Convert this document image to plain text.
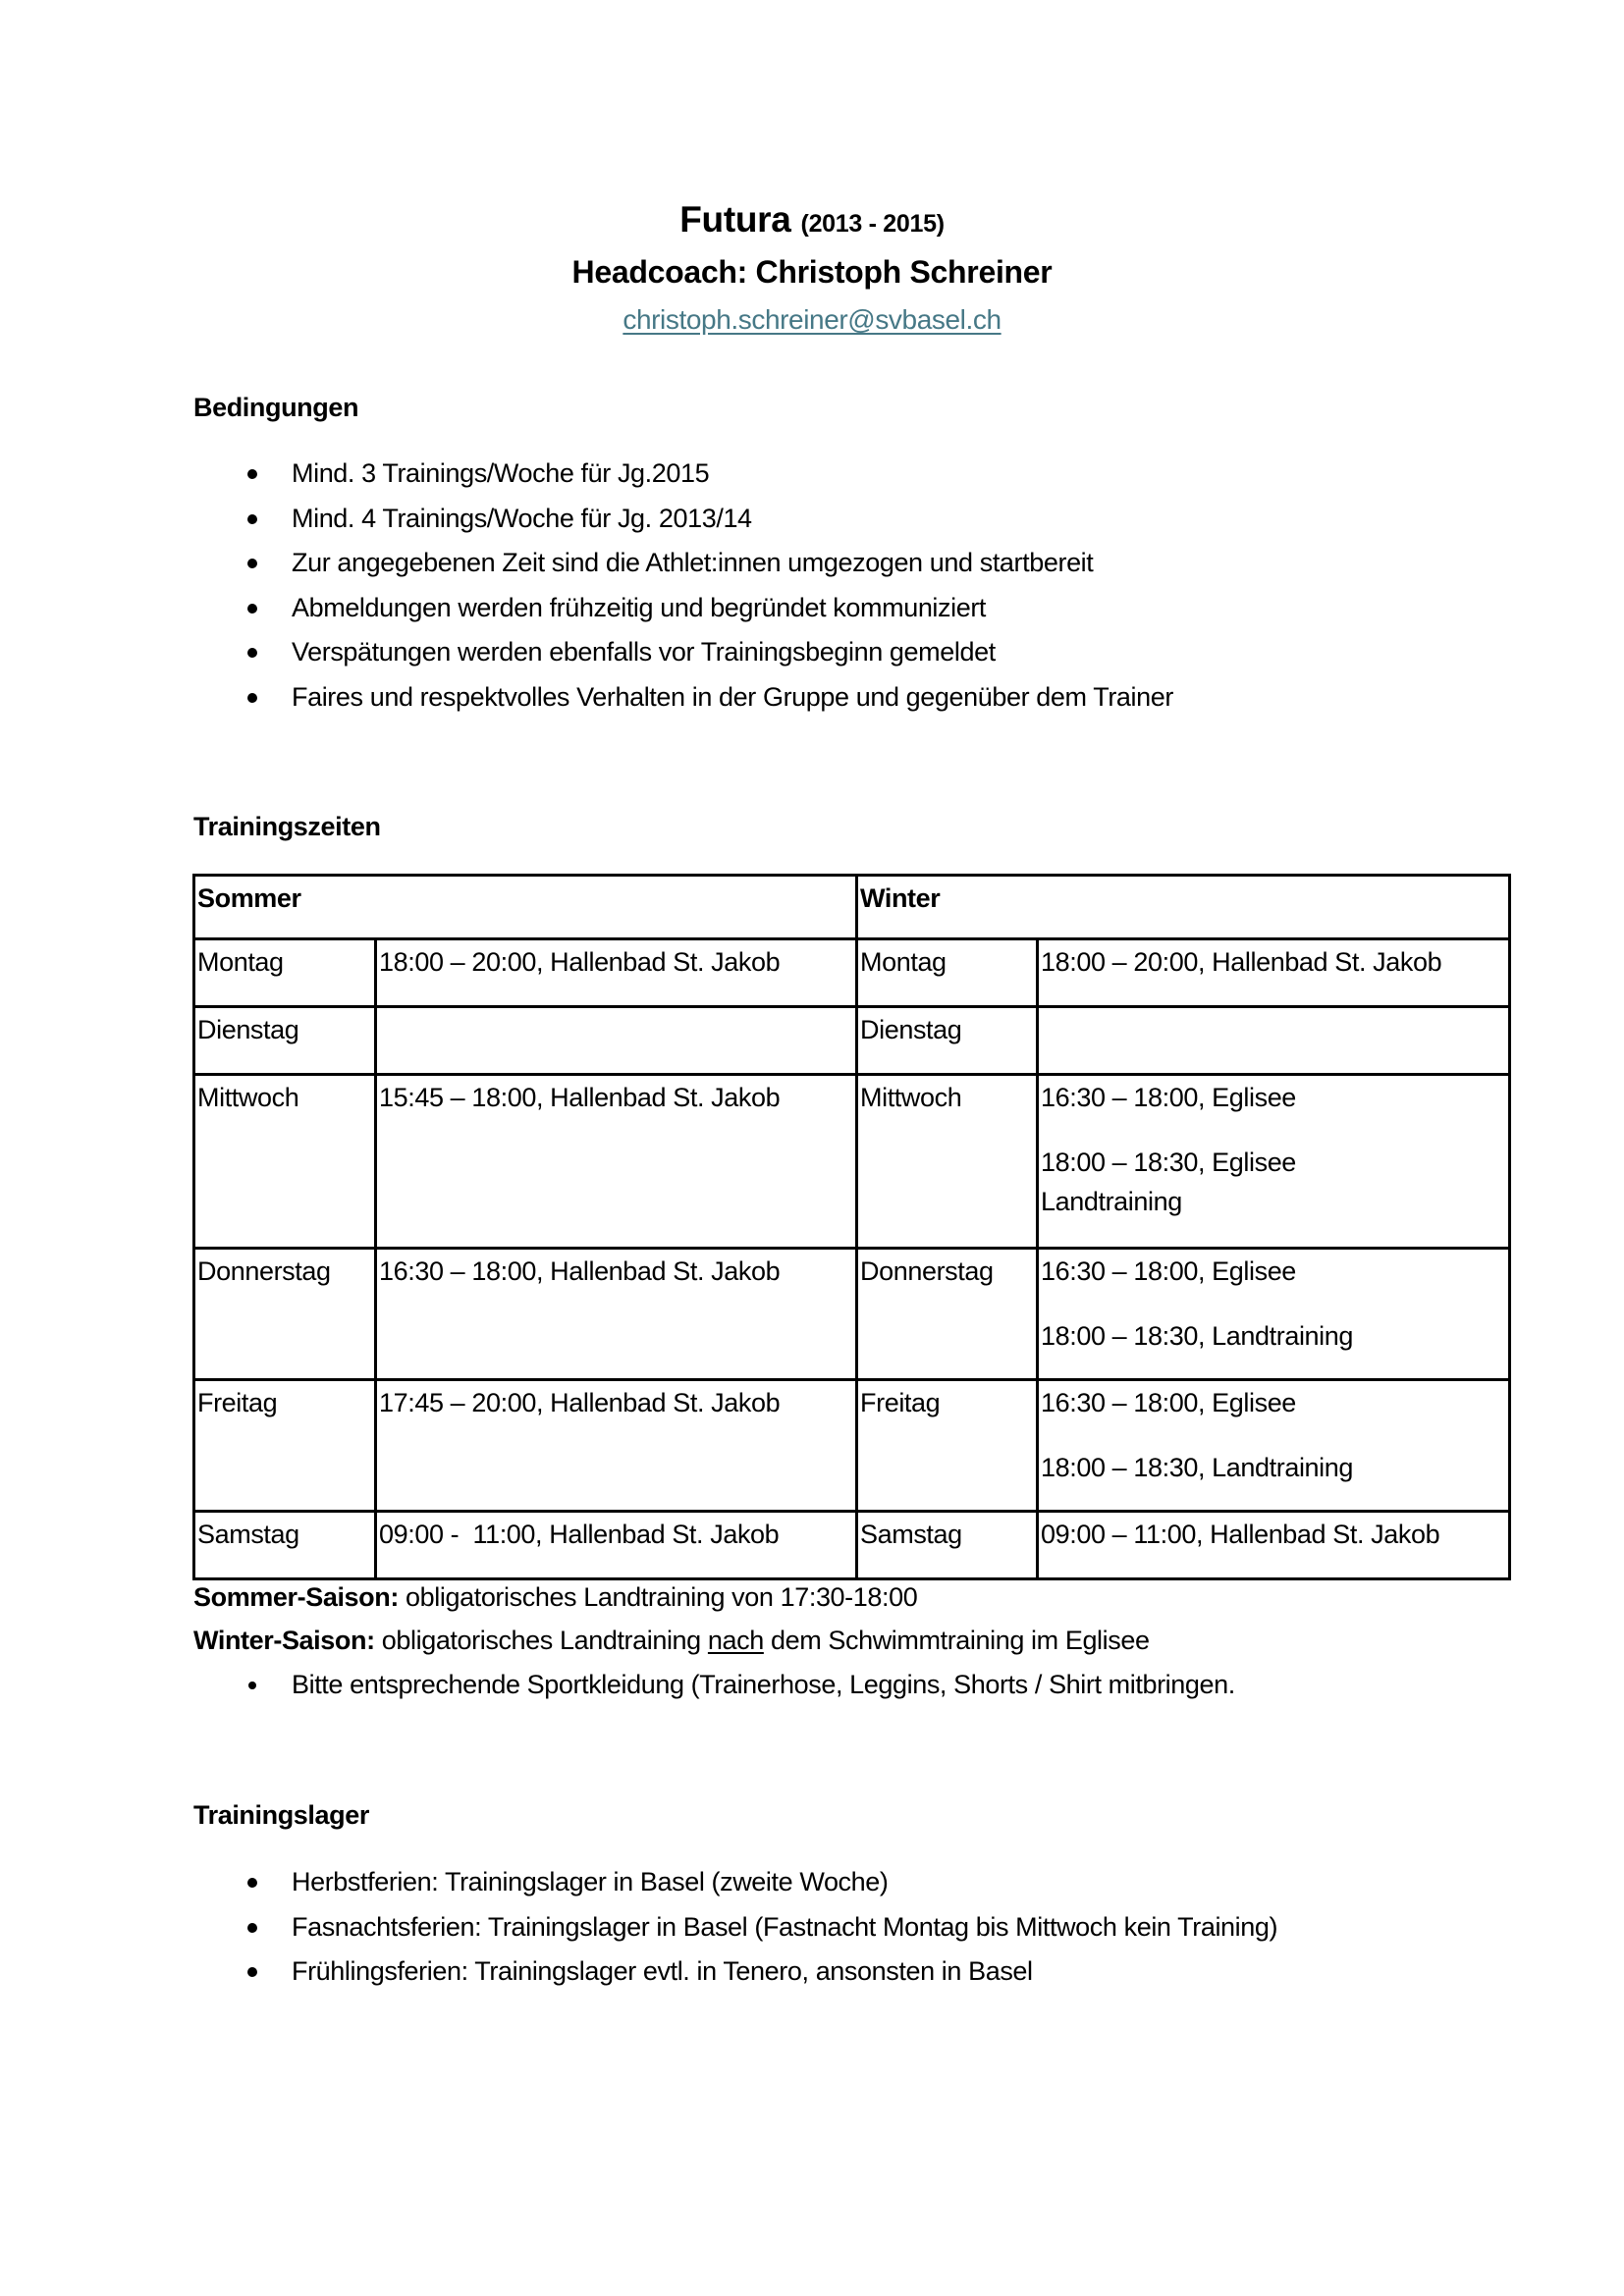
Futura (2013 - 2015)
Headcoach: Christoph Schreiner
christoph.schreiner@svbasel.ch
Bedingungen
Mind. 3 Trainings/Woche für Jg.2015
Mind. 4 Trainings/Woche für Jg. 2013/14
Zur angegebenen Zeit sind die Athlet:innen umgezogen und startbereit
Abmeldungen werden frühzeitig und begründet kommuniziert
Verspätungen werden ebenfalls vor Trainingsbeginn gemeldet
Faires und respektvolles Verhalten in der Gruppe und gegenüber dem Trainer
Trainingszeiten
Sommer		Winter	
Montag	18:00 – 20:00, Hallenbad St. Jakob	Montag	18:00 – 20:00, Hallenbad St. Jakob

Dienstag		Dienstag	
Mittwoch	15:45 – 18:00, Hallenbad St. Jakob	Mittwoch	16:30 – 18:00, Eglisee
18:00 – 18:30, Eglisee
Landtraining

Donnerstag	16:30 – 18:00, Hallenbad St. Jakob	Donnerstag	16:30 – 18:00, Eglisee
18:00 – 18:30, Landtraining

Freitag	17:45 – 20:00, Hallenbad St. Jakob	Freitag	16:30 – 18:00, Eglisee
18:00 – 18:30, Landtraining

Samstag	09:00 -  11:00, Hallenbad St. Jakob	Samstag	09:00 – 11:00, Hallenbad St. Jakob
Sommer-Saison: obligatorisches Landtraining von 17:30-18:00
Winter-Saison: obligatorisches Landtraining nach dem Schwimmtraining im Eglisee
Bitte entsprechende Sportkleidung (Trainerhose, Leggins, Shorts / Shirt mitbringen.
Trainingslager
Herbstferien: Trainingslager in Basel (zweite Woche)
Fasnachtsferien: Trainingslager in Basel (Fastnacht Montag bis Mittwoch kein Training)
Frühlingsferien: Trainingslager evtl. in Tenero, ansonsten in Basel
